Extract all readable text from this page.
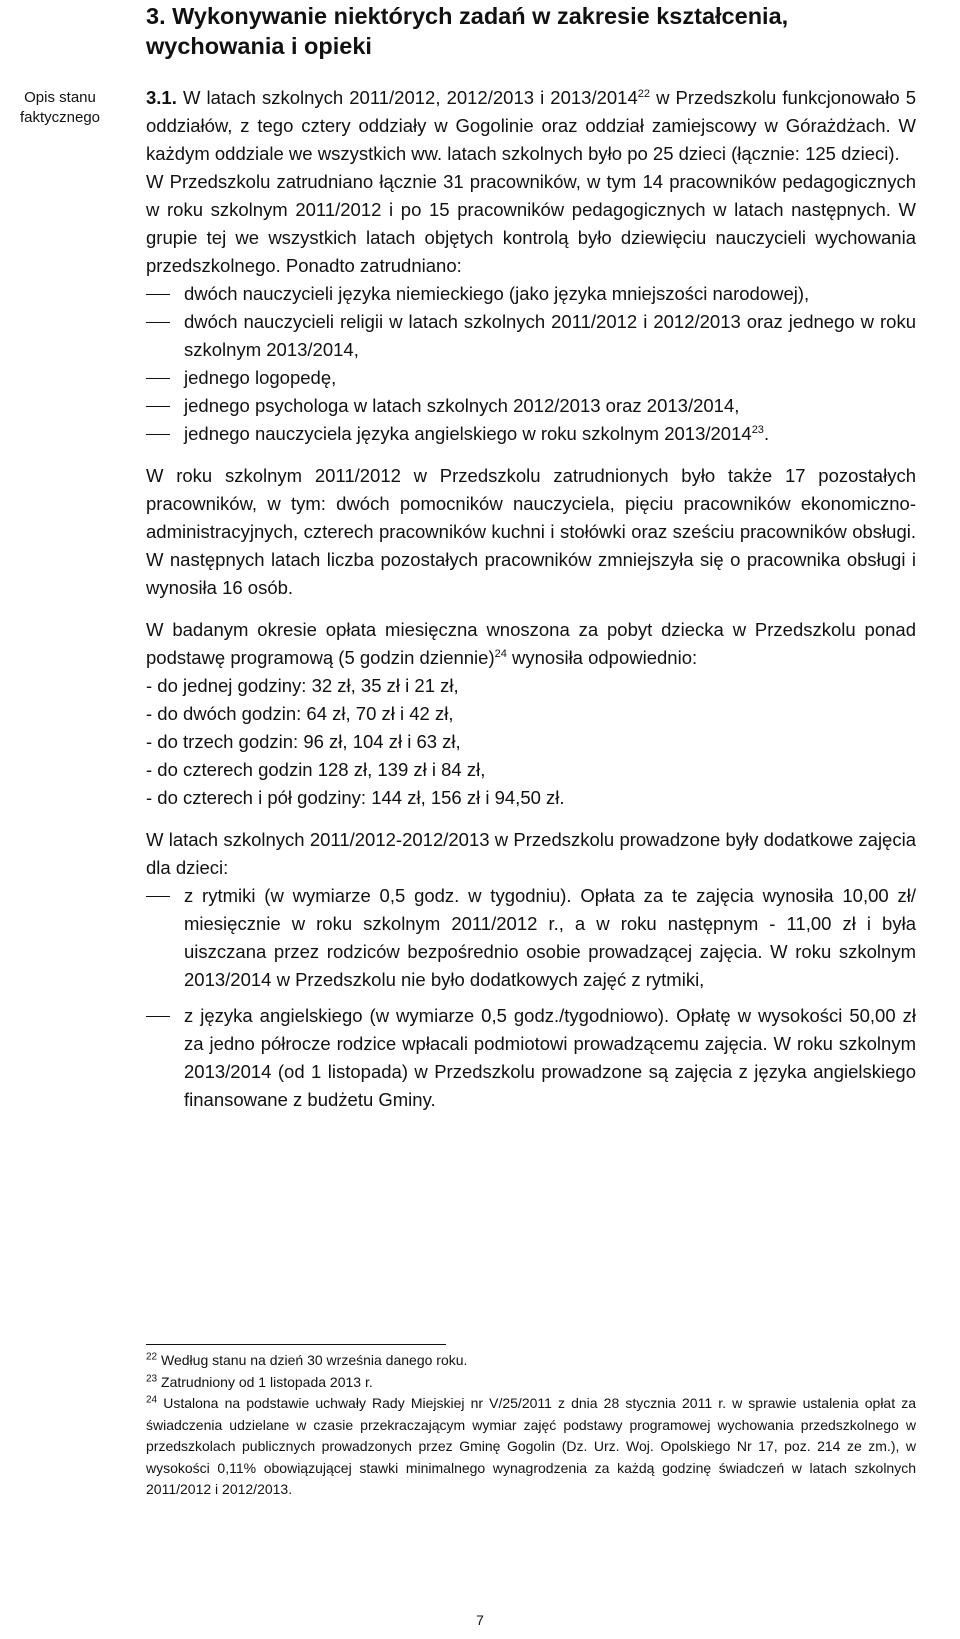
Opis stanu
faktycznego
3. Wykonywanie niektórych zadań w zakresie kształcenia,
wychowania i opieki

3.1. W latach szkolnych 2011/2012, 2012/2013 i 2013/2014$^{22}$ w Przedszkolu funkcjonowało 5 oddziałów, z tego cztery oddziały w Gogolinie oraz oddział zamiejscowy w Górażdżach. W każdym oddziale we wszystkich ww. latach szkolnych było po 25 dzieci (łącznie: 125 dzieci).

W Przedszkolu zatrudniano łącznie 31 pracowników, w tym 14 pracowników pedagogicznych w roku szkolnym 2011/2012 i po 15 pracowników pedagogicznych w latach następnych. W grupie tej we wszystkich latach objętych kontrolą było dziewięciu nauczycieli wychowania przedszkolnego. Ponadto zatrudniano:

dwóch nauczycieli języka niemieckiego (jako języka mniejszości narodowej),
dwóch nauczycieli religii w latach szkolnych 2011/2012 i 2012/2013 oraz jednego w roku szkolnym 2013/2014,
jednego logopedę,
jednego psychologa w latach szkolnych 2012/2013 oraz 2013/2014,
jednego nauczyciela języka angielskiego w roku szkolnym 2013/2014$^{23}$.

W roku szkolnym 2011/2012 w Przedszkolu zatrudnionych było także 17 pozostałych pracowników, w tym: dwóch pomocników nauczyciela, pięciu pracowników ekonomiczno-administracyjnych, czterech pracowników kuchni i stołówki oraz sześciu pracowników obsługi. W następnych latach liczba pozostałych pracowników zmniejszyła się o pracownika obsługi i wynosiła 16 osób.

W badanym okresie opłata miesięczna wnoszona za pobyt dziecka w Przedszkolu ponad podstawę programową (5 godzin dziennie)$^{24}$ wynosiła odpowiednio:

- do jednej godziny: 32 zł, 35 zł i 21 zł,
- do dwóch godzin: 64 zł, 70 zł i 42 zł,
- do trzech godzin: 96 zł, 104 zł i 63 zł,
- do czterech godzin 128 zł, 139 zł i 84 zł,
- do czterech i pół godziny: 144 zł, 156 zł i 94,50 zł.

W latach szkolnych 2011/2012-2012/2013 w Przedszkolu prowadzone były dodatkowe zajęcia dla dzieci:

z rytmiki (w wymiarze 0,5 godz. w tygodniu). Opłata za te zajęcia wynosiła 10,00 zł/ miesięcznie w roku szkolnym 2011/2012 r., a w roku następnym - 11,00 zł i była uiszczana przez rodziców bezpośrednio osobie prowadzącej zajęcia. W roku szkolnym 2013/2014 w Przedszkolu nie było dodatkowych zajęć z rytmiki,
z języka angielskiego (w wymiarze 0,5 godz./tygodniowo). Opłatę w wysokości 50,00 zł za jedno półrocze rodzice wpłacali podmiotowi prowadzącemu zajęcia. W roku szkolnym 2013/2014 (od 1 listopada) w Przedszkolu prowadzone są zajęcia z języka angielskiego finansowane z budżetu Gminy.

$^{22}$ Według stanu na dzień 30 września danego roku.

$^{23}$ Zatrudniony od 1 listopada 2013 r.

$^{24}$ Ustalona na podstawie uchwały Rady Miejskiej nr V/25/2011 z dnia 28 stycznia 2011 r. w sprawie ustalenia opłat za świadczenia udzielane w czasie przekraczającym wymiar zajęć podstawy programowej wychowania przedszkolnego w przedszkolach publicznych prowadzonych przez Gminę Gogolin (Dz. Urz. Woj. Opolskiego Nr 17, poz. 214 ze zm.), w wysokości 0,11% obowiązującej stawki minimalnego wynagrodzenia za każdą godzinę świadczeń w latach szkolnych 2011/2012 i 2012/2013.

7
